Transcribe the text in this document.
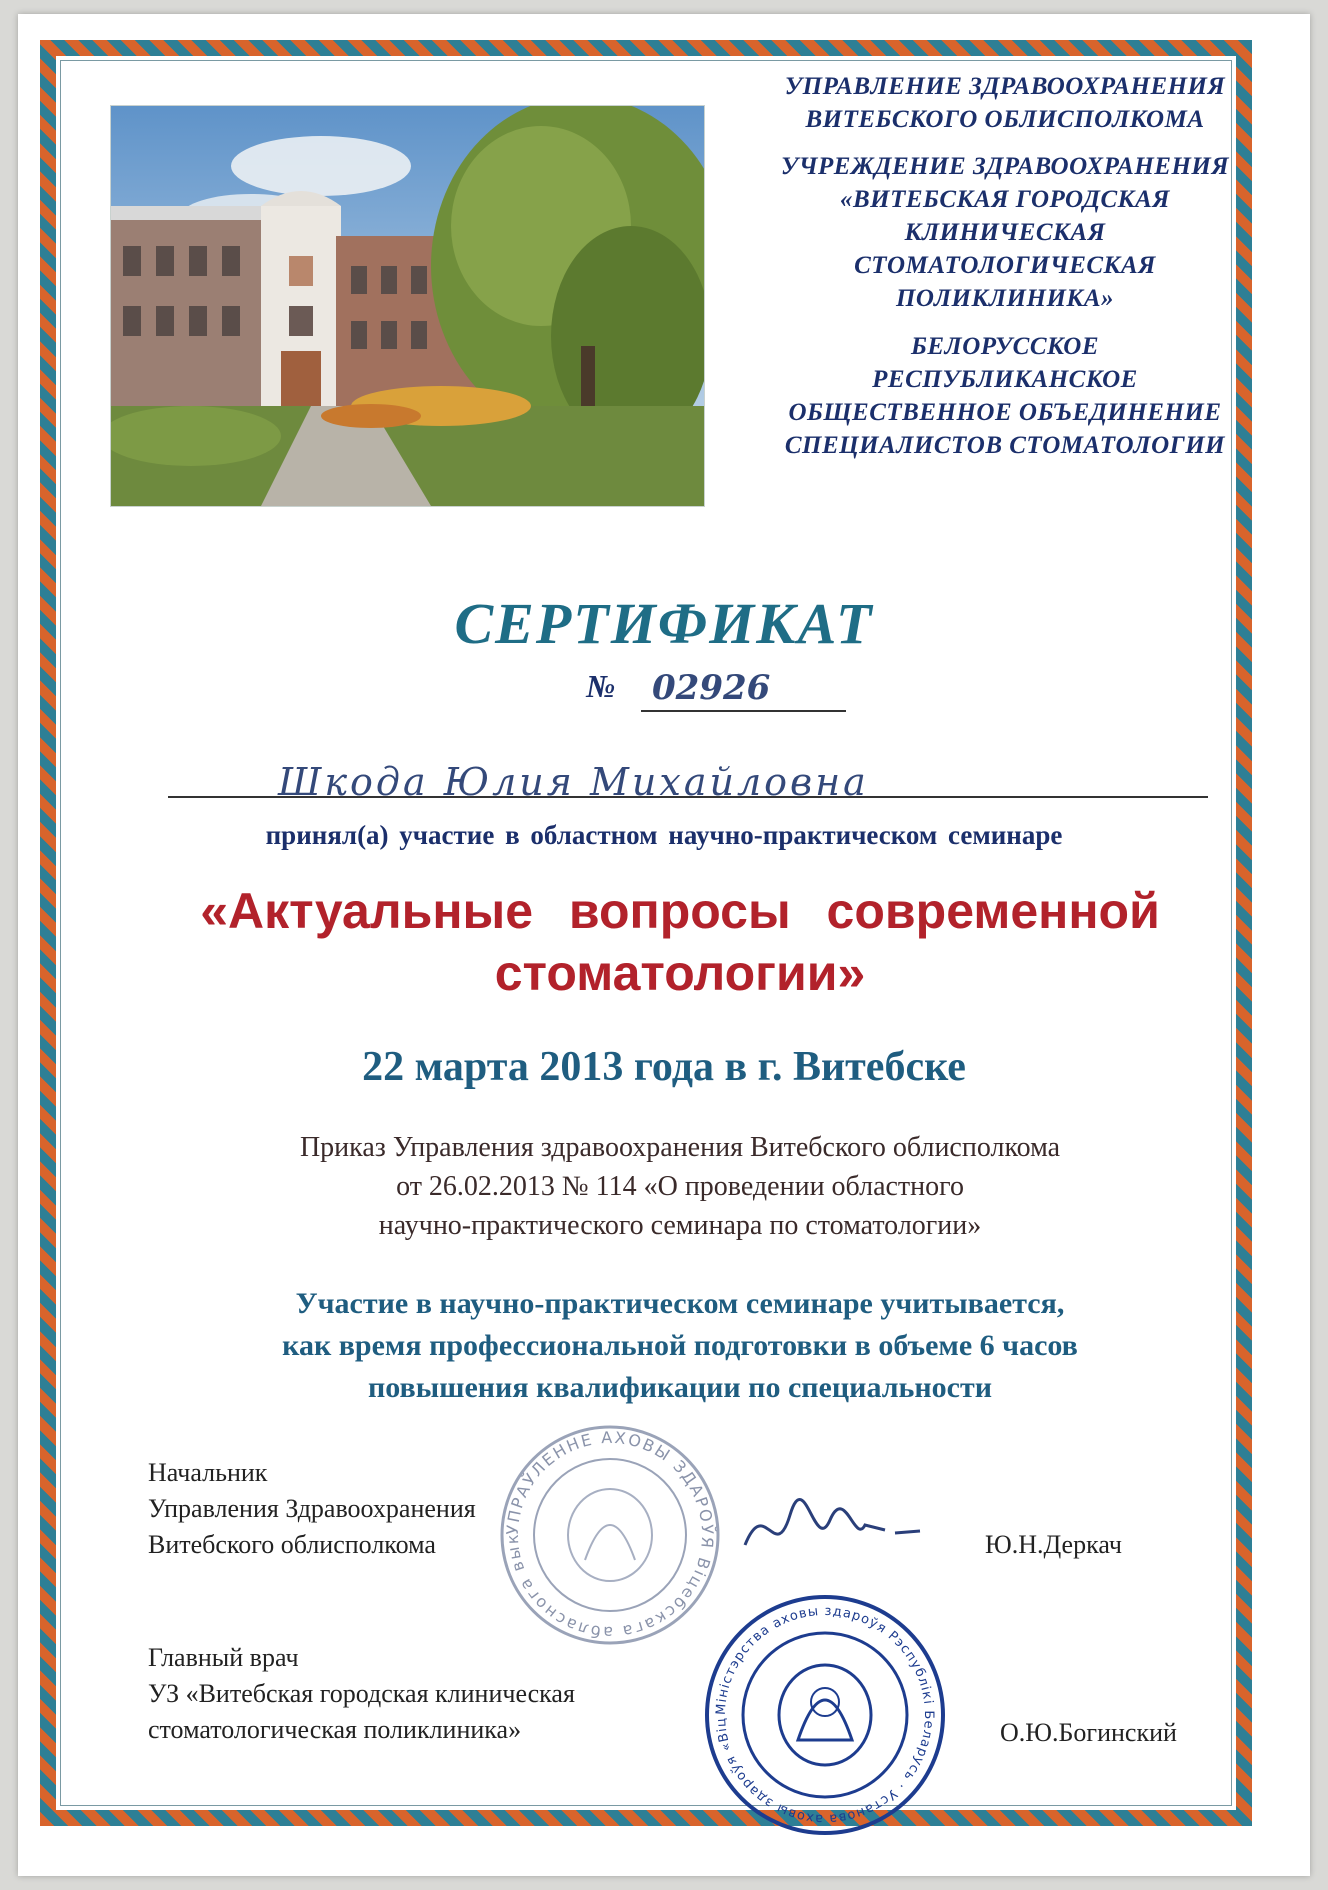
УПРАВЛЕНИЕ ЗДРАВООХРАНЕНИЯ
ВИТЕБСКОГО ОБЛИСПОЛКОМА
УЧРЕЖДЕНИЕ ЗДРАВООХРАНЕНИЯ
«ВИТЕБСКАЯ ГОРОДСКАЯ
КЛИНИЧЕСКАЯ
СТОМАТОЛОГИЧЕСКАЯ
ПОЛИКЛИНИКА»
БЕЛОРУССКОЕ
РЕСПУБЛИКАНСКОЕ
ОБЩЕСТВЕННОЕ ОБЪЕДИНЕНИЕ
СПЕЦИАЛИСТОВ СТОМАТОЛОГИИ
СЕРТИФИКАТ
№ 02926
Шкода Юлия Михайловна
принял(а) участие в областном научно-практическом семинаре
«Актуальные вопросы современной
стоматологии»
22 марта 2013 года в г. Витебске
Приказ Управления здравоохранения Витебского облисполкома
от 26.02.2013 № 114 «О проведении областного
научно-практического семинара по стоматологии»
Участие в научно-практическом семинаре учитывается,
как время профессиональной подготовки в объеме 6 часов
повышения квалификации по специальности
УПРАЎЛЕННЕ АХОВЫ ЗДАРОЎЯ Віцебскага абласнога вык
Міністэрства аховы здароўя Рэспублікі Беларусь · Установа аховы здароўя «Віц
Начальник
Управления Здравоохранения
Витебского облисполкома	Ю.Н.Деркач
Главный врач
УЗ «Витебская городская клиническая
стоматологическая поликлиника»	О.Ю.Богинский
